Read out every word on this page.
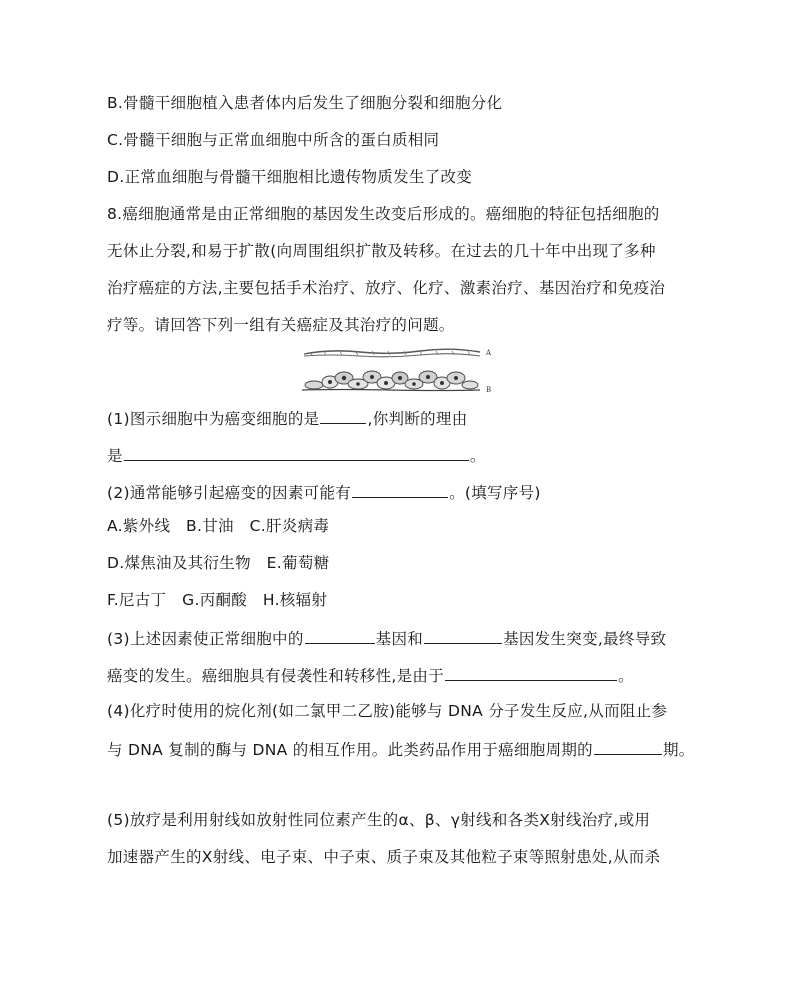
B.骨髓干细胞植入患者体内后发生了细胞分裂和细胞分化
C.骨髓干细胞与正常血细胞中所含的蛋白质相同
D.正常血细胞与骨髓干细胞相比遗传物质发生了改变
8.癌细胞通常是由正常细胞的基因发生改变后形成的。癌细胞的特征包括细胞的
无休止分裂,和易于扩散(向周围组织扩散及转移。在过去的几十年中出现了多种
治疗癌症的方法,主要包括手术治疗、放疗、化疗、激素治疗、基因治疗和免疫治
疗等。请回答下列一组有关癌症及其治疗的问题。
A
B
(1)图示细胞中为癌变细胞的是	,你判断的理由
是	。
(2)通常能够引起癌变的因素可能有	。(填写序号)
A.紫外线　B.甘油　C.肝炎病毒
D.煤焦油及其衍生物　E.葡萄糖
F.尼古丁　G.丙酮酸　H.核辐射
(3)上述因素使正常细胞中的	基因和	基因发生突变,最终导致
癌变的发生。癌细胞具有侵袭性和转移性,是由于	。
(4)化疗时使用的烷化剂(如二氯甲二乙胺)能够与 DNA 分子发生反应,从而阻止参
与 DNA 复制的酶与 DNA 的相互作用。此类药品作用于癌细胞周期的	期。
(5)放疗是利用射线如放射性同位素产生的α、β、γ射线和各类X射线治疗,或用
加速器产生的X射线、电子束、中子束、质子束及其他粒子束等照射患处,从而杀
